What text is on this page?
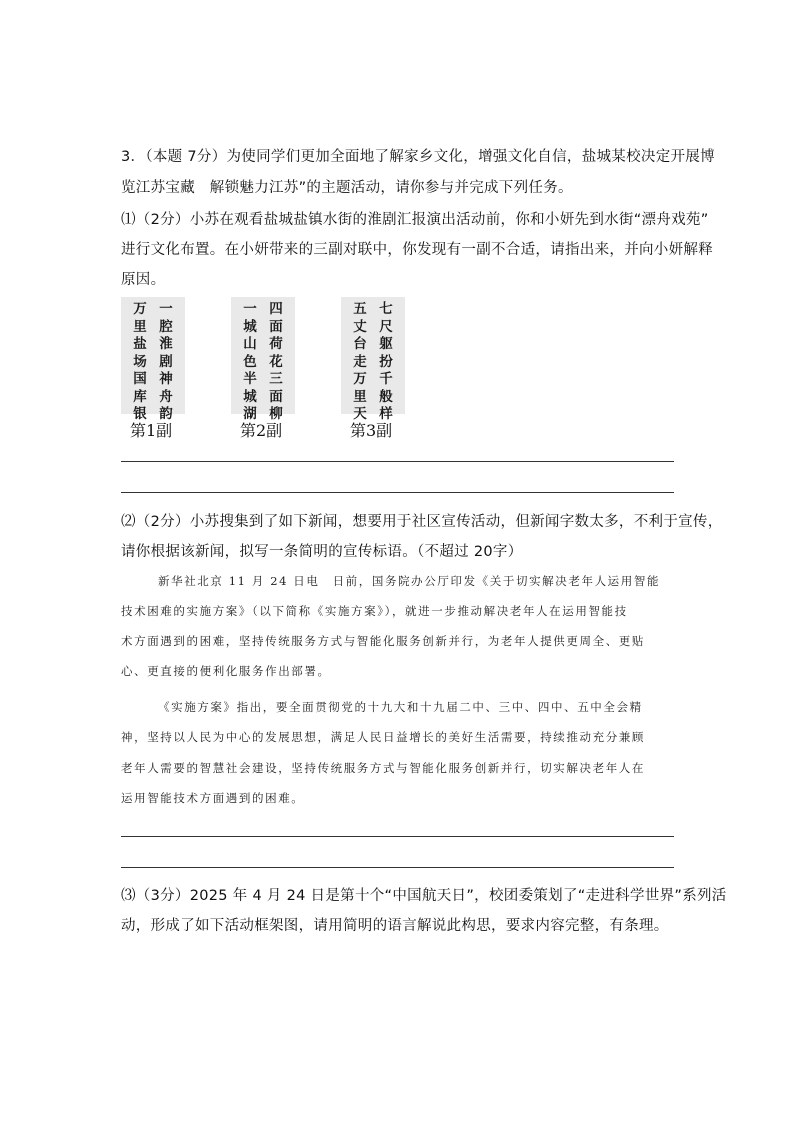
3．（本题 7分）为使同学们更加全面地了解家乡文化，增强文化自信，盐城某校决定开展博
览江苏宝藏　解锁魅力江苏”的主题活动，请你参与并完成下列任务。
⑴（2分）小苏在观看盐城盐镇水街的淮剧汇报演出活动前，你和小妍先到水街“漂舟戏苑”
进行文化布置。在小妍带来的三副对联中，你发现有一副不合适，请指出来，并向小妍解释
原因。
万
里
盐
场
国
库
银
一
腔
淮
剧
神
舟
韵
第1副
一
城
山
色
半
城
湖
四
面
荷
花
三
面
柳
第2副
五
丈
台
走
万
里
天
七
尺
躯
扮
千
般
样
第3副
⑵（2分）小苏搜集到了如下新闻，想要用于社区宣传活动，但新闻字数太多，不利于宣传，
请你根据该新闻，拟写一条简明的宣传标语。（不超过 20字）
新华社北京 11 月 24 日电　日前，国务院办公厅印发《关于切实解决老年人运用智能
技术困难的实施方案》（以下简称《实施方案》），就进一步推动解决老年人在运用智能技
术方面遇到的困难，坚持传统服务方式与智能化服务创新并行，为老年人提供更周全、更贴
心、更直接的便利化服务作出部署。
《实施方案》指出，要全面贯彻党的十九大和十九届二中、三中、四中、五中全会精
神，坚持以人民为中心的发展思想，满足人民日益增长的美好生活需要，持续推动充分兼顾
老年人需要的智慧社会建设，坚持传统服务方式与智能化服务创新并行，切实解决老年人在
运用智能技术方面遇到的困难。
⑶（3分）2025 年 4 月 24 日是第十个“中国航天日”，校团委策划了“走进科学世界”系列活
动，形成了如下活动框架图，请用简明的语言解说此构思，要求内容完整，有条理。
